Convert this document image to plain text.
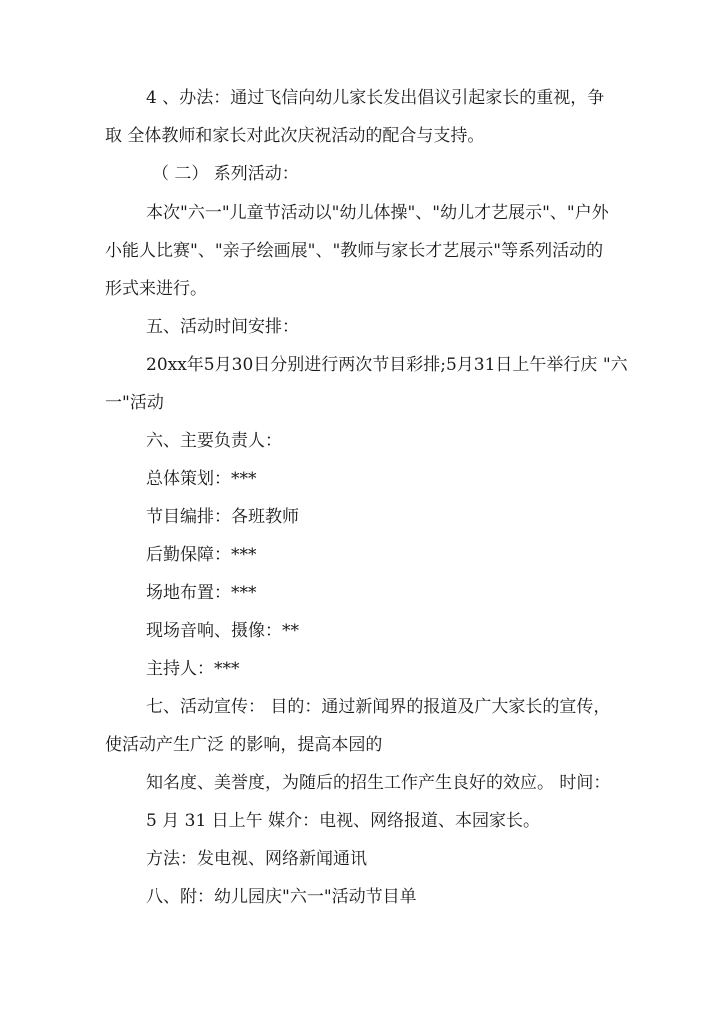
4 、办法：通过飞信向幼儿家长发出倡议引起家长的重视，争
取 全体教师和家长对此次庆祝活动的配合与支持。
（ 二） 系列活动：
本次"六一"儿童节活动以"幼儿体操"、"幼儿才艺展示"、"户外
小能人比赛"、"亲子绘画展"、"教师与家长才艺展示"等系列活动的
形式来进行。
五、活动时间安排：
20xx年5月30日分别进行两次节目彩排;5月31日上午举行庆 "六
一"活动
六、主要负责人：
总体策划：***
节目编排：各班教师
后勤保障：***
场地布置：***
现场音响、摄像：**
主持人：***
七、活动宣传： 目的：通过新闻界的报道及广大家长的宣传，
使活动产生广泛 的影响，提高本园的
知名度、美誉度，为随后的招生工作产生良好的效应。 时间：
5 月 31 日上午 媒介：电视、网络报道、本园家长。
方法：发电视、网络新闻通讯
八、附：幼儿园庆"六一"活动节目单
